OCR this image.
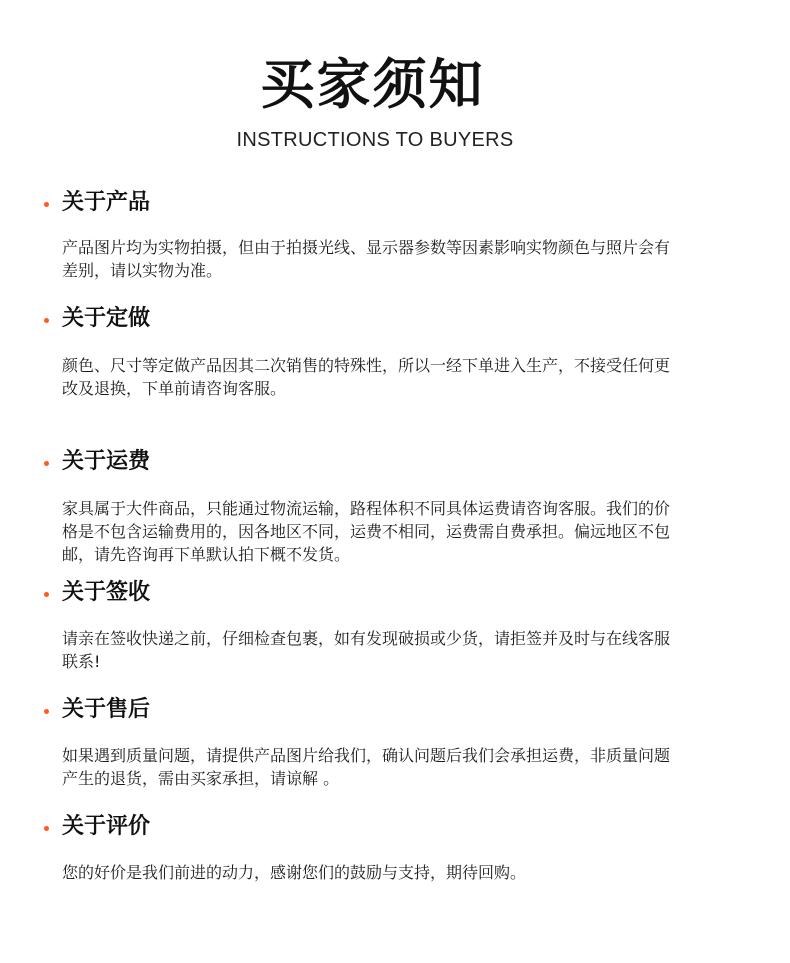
买家须知
INSTRUCTIONS TO BUYERS
关于产品
产品图片均为实物拍摄，但由于拍摄光线、显示器参数等因素影响实物颜色与照片会有
差别，请以实物为准。
关于定做
颜色、尺寸等定做产品因其二次销售的特殊性，所以一经下单进入生产，不接受任何更
改及退换，下单前请咨询客服。
关于运费
家具属于大件商品，只能通过物流运输，路程体积不同具体运费请咨询客服。我们的价
格是不包含运输费用的，因各地区不同，运费不相同，运费需自费承担。偏远地区不包
邮，请先咨询再下单默认拍下概不发货。
关于签收
请亲在签收快递之前，仔细检查包裹，如有发现破损或少货，请拒签并及时与在线客服
联系!
关于售后
如果遇到质量问题，请提供产品图片给我们，确认问题后我们会承担运费，非质量问题
产生的退货，需由买家承担，请谅解 。
关于评价
您的好价是我们前进的动力，感谢您们的鼓励与支持，期待回购。
